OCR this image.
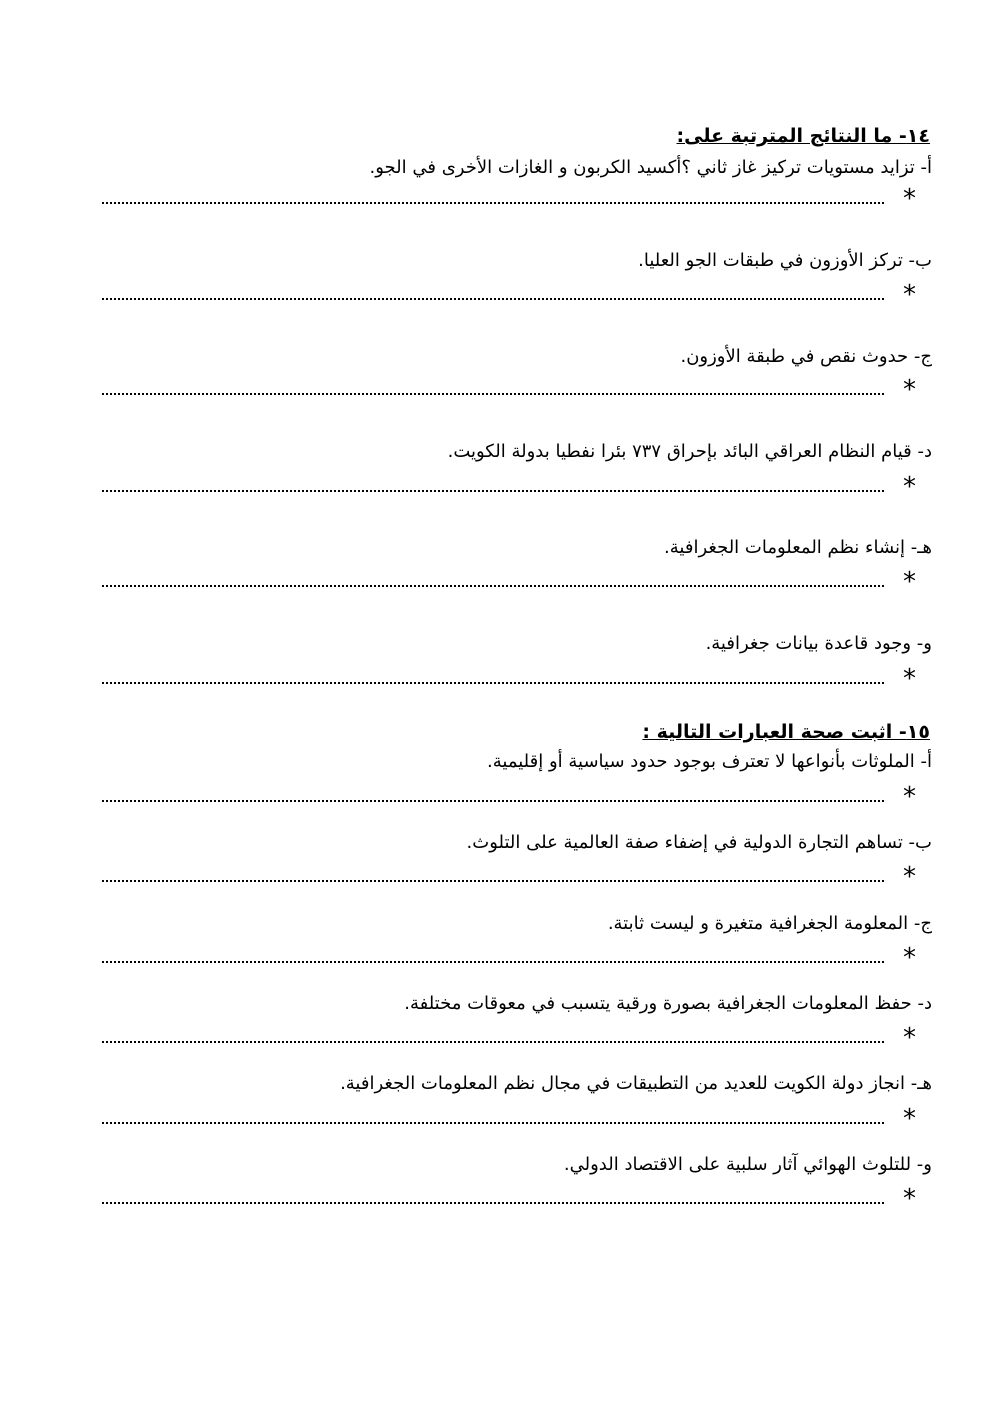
١٤- ما النتائج المترتبة على:
أ- تزايد مستويات تركيز غاز ثاني ؟أكسيد الكربون و الغازات الأخرى في الجو.
*
ب- تركز الأوزون في طبقات الجو العليا.
*
ج- حدوث نقص في طبقة الأوزون.
*
د- قيام النظام العراقي البائد بإحراق ٧٣٧ بئرا نفطيا بدولة الكويت.
*
هـ- إنشاء نظم المعلومات الجغرافية.
*
و- وجود قاعدة بيانات جغرافية.
*
١٥- اثبت صحة العبارات التالية :
أ- الملوثات بأنواعها لا تعترف بوجود حدود سياسية أو إقليمية.
*
ب- تساهم التجارة الدولية في إضفاء صفة العالمية على التلوث.
*
ج- المعلومة الجغرافية متغيرة و ليست ثابتة.
*
د- حفظ المعلومات الجغرافية بصورة ورقية يتسبب في معوقات مختلفة.
*
هـ- انجاز دولة الكويت للعديد من التطبيقات في مجال نظم المعلومات الجغرافية.
*
و- للتلوث الهوائي آثار سلبية على الاقتصاد الدولي.
*
